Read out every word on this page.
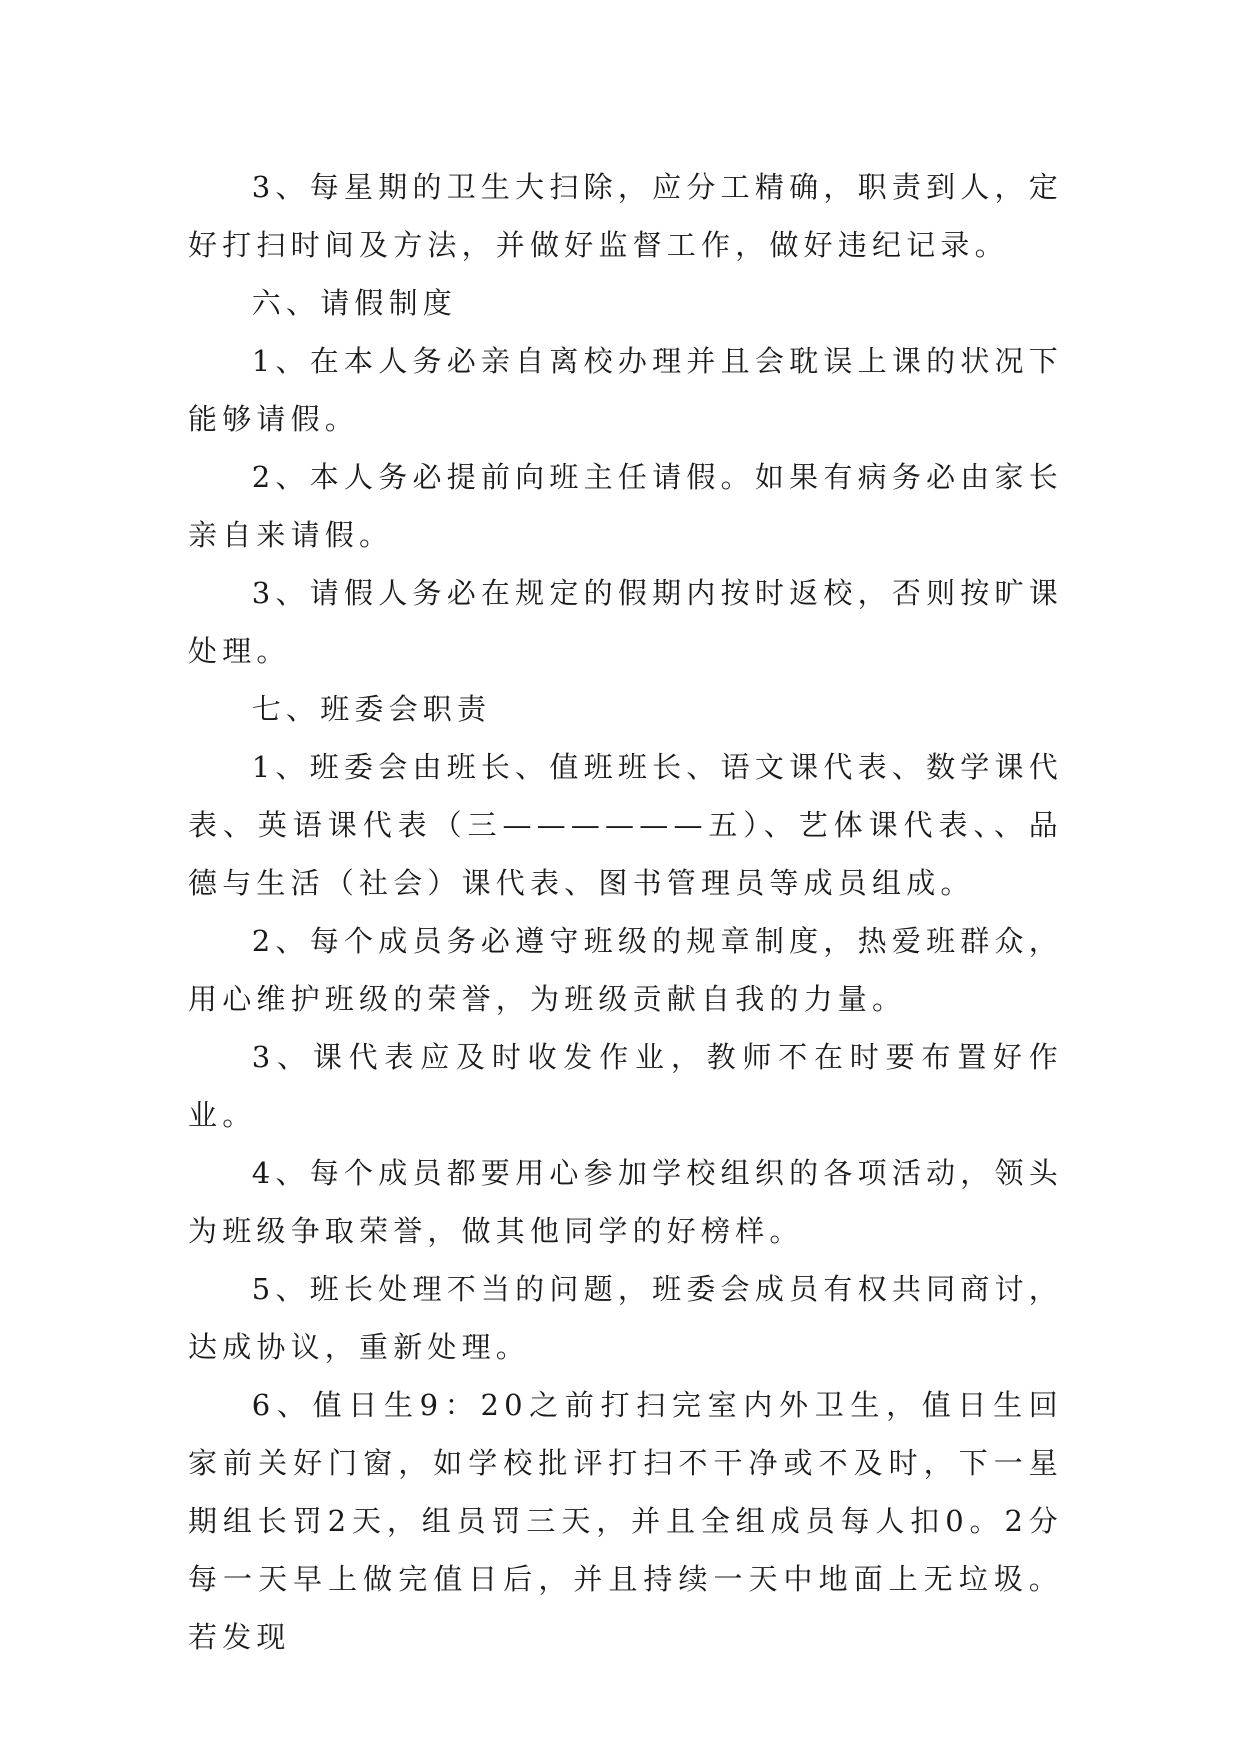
3、每星期的卫生大扫除，应分工精确，职责到人，定好打扫时间及方法，并做好监督工作，做好违纪记录。

六、请假制度

1、在本人务必亲自离校办理并且会耽误上课的状况下能够请假。

2、本人务必提前向班主任请假。如果有病务必由家长亲自来请假。

3、请假人务必在规定的假期内按时返校，否则按旷课处理。

七、班委会职责

1、班委会由班长、值班班长、语文课代表、数学课代表、英语课代表（三——————五）、艺体课代表、、品德与生活（社会）课代表、图书管理员等成员组成。

2、每个成员务必遵守班级的规章制度，热爱班群众，用心维护班级的荣誉，为班级贡献自我的力量。

3、课代表应及时收发作业，教师不在时要布置好作业。

4、每个成员都要用心参加学校组织的各项活动，领头为班级争取荣誉，做其他同学的好榜样。

5、班长处理不当的问题，班委会成员有权共同商讨，达成协议，重新处理。

6、值日生9：20之前打扫完室内外卫生，值日生回家前关好门窗，如学校批评打扫不干净或不及时，下一星期组长罚2天，组员罚三天，并且全组成员每人扣0。2分每一天早上做完值日后，并且持续一天中地面上无垃圾。若发现
